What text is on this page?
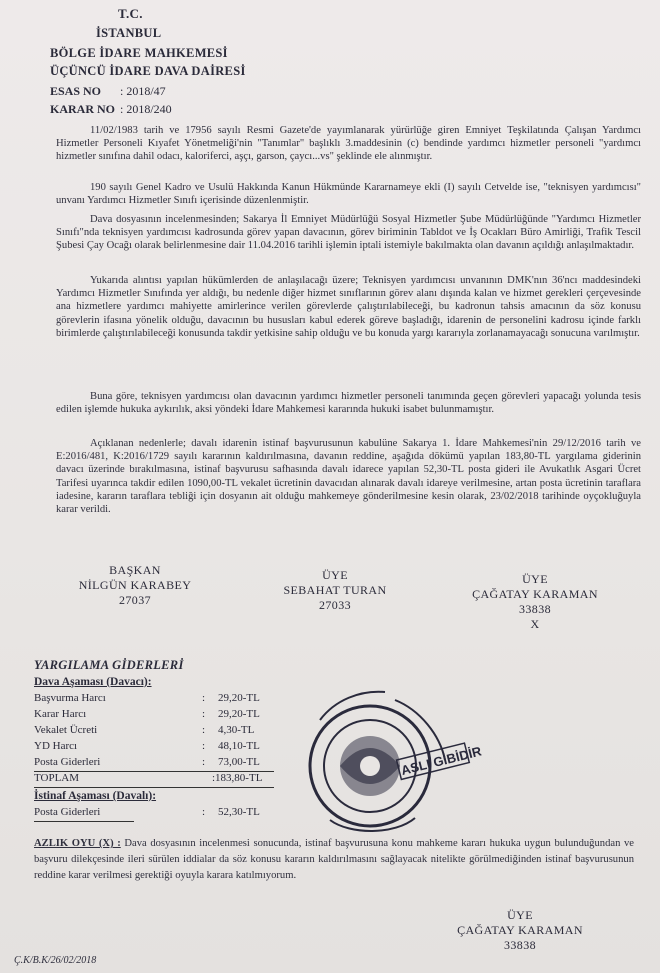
T.C.
İSTANBUL
BÖLGE İDARE MAHKEMESİ
ÜÇÜNCÜ İDARE DAVA DAİRESİ
ESAS NO : 2018/47
KARAR NO : 2018/240
11/02/1983 tarih ve 17956 sayılı Resmi Gazete'de yayımlanarak yürürlüğe giren Emniyet Teşkilatında Çalışan Yardımcı Hizmetler Personeli Kıyafet Yönetmeliği'nin "Tanımlar" başlıklı 3.maddesinin (c) bendinde yardımcı hizmetler personeli "yardımcı hizmetler sınıfına dahil odacı, kaloriferci, aşçı, garson, çaycı...vs" şeklinde ele alınmıştır.
190 sayılı Genel Kadro ve Usulü Hakkında Kanun Hükmünde Kararnameye ekli (I) sayılı Cetvelde ise, "teknisyen yardımcısı" unvanı Yardımcı Hizmetler Sınıfı içerisinde düzenlenmiştir.
Dava dosyasının incelenmesinden; Sakarya İl Emniyet Müdürlüğü Sosyal Hizmetler Şube Müdürlüğünde "Yardımcı Hizmetler Sınıfı"nda teknisyen yardımcısı kadrosunda görev yapan davacının, görev biriminin Tabldot ve İş Ocakları Büro Amirliği, Trafik Tescil Şubesi Çay Ocağı olarak belirlenmesine dair 11.04.2016 tarihli işlemin iptali istemiyle bakılmakta olan davanın açıldığı anlaşılmaktadır.
Yukarıda alıntısı yapılan hükümlerden de anlaşılacağı üzere; Teknisyen yardımcısı unvanının DMK'nın 36'ncı maddesindeki Yardımcı Hizmetler Sınıfında yer aldığı, bu nedenle diğer hizmet sınıflarının görev alanı dışında kalan ve hizmet gerekleri çerçevesinde ana hizmetlere yardımcı mahiyette amirlerince verilen görevlerde çalıştırılabileceği, bu kadronun tahsis amacının da söz konusu görevlerin ifasına yönelik olduğu, davacının bu hususları kabul ederek göreve başladığı, idarenin de personelini kadrosu içinde farklı birimlerde çalıştırılabileceği konusunda takdir yetkisine sahip olduğu ve bu konuda yargı kararıyla zorlanamayacağı sonucuna varılmıştır.
Buna göre, teknisyen yardımcısı olan davacının yardımcı hizmetler personeli tanımında geçen görevleri yapacağı yolunda tesis edilen işlemde hukuka aykırılık, aksi yöndeki İdare Mahkemesi kararında hukuki isabet bulunmamıştır.
Açıklanan nedenlerle; davalı idarenin istinaf başvurusunun kabulüne Sakarya 1. İdare Mahkemesi'nin 29/12/2016 tarih ve E:2016/481, K:2016/1729 sayılı kararının kaldırılmasına, davanın reddine, aşağıda dökümü yapılan 183,80-TL yargılama giderinin davacı üzerinde bırakılmasına, istinaf başvurusu safhasında davalı idarece yapılan 52,30-TL posta gideri ile Avukatlık Asgari Ücret Tarifesi uyarınca takdir edilen 1090,00-TL vekalet ücretinin davacıdan alınarak davalı idareye verilmesine, artan posta ücretinin taraflara iadesine, kararın taraflara tebliği için dosyanın ait olduğu mahkemeye gönderilmesine kesin olarak, 23/02/2018 tarihinde oyçokluğuyla karar verildi.
BAŞKAN
NİLGÜN KARABEY
27037
ÜYE
SEBAHAT TURAN
27033
ÜYE
ÇAĞATAY KARAMAN
33838
X
YARGILAMA GİDERLERİ
Dava Aşaması (Davacı):
Başvurma Harcı	: 29,20-TL
Karar Harcı	: 29,20-TL
Vekalet Ücreti	: 4,30-TL
YD Harcı	: 48,10-TL
Posta Giderleri	: 73,00-TL
TOPLAM	:183,80-TL
İstinaf Aşaması (Davalı):
Posta Giderleri	: 52,30-TL
ASLI GİBİDİR
AZLIK OYU (X) : Dava dosyasının incelenmesi sonucunda, istinaf başvurusuna konu mahkeme kararı hukuka uygun bulunduğundan ve başvuru dilekçesinde ileri sürülen iddialar da söz konusu kararın kaldırılmasını sağlayacak nitelikte görülmediğinden istinaf başvurusunun reddine karar verilmesi gerektiği oyuyla karara katılmıyorum.
ÜYE
ÇAĞATAY KARAMAN
33838
Ç.K/B.K/26/02/2018
